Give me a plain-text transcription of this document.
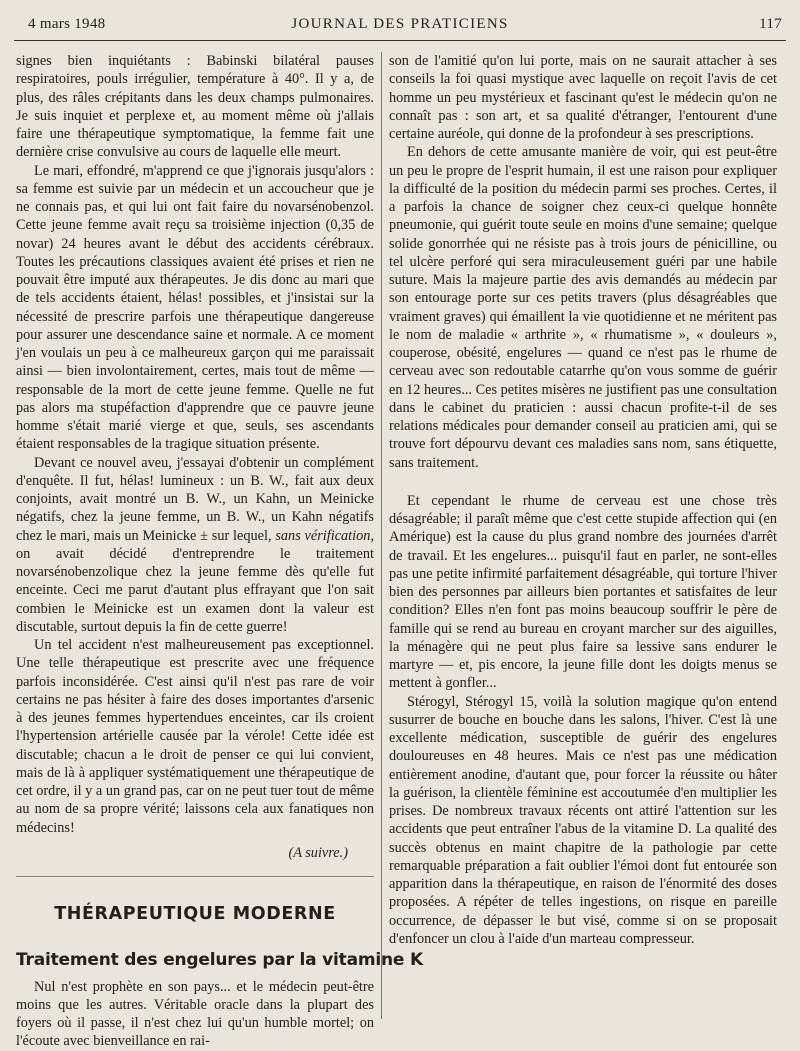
4 mars 1948	JOURNAL DES PRATICIENS	117

signes bien inquiétants : Babinski bilatéral pauses respiratoires, pouls irrégulier, température à 40°. Il y a, de plus, des râles crépitants dans les deux champs pulmonaires. Je suis inquiet et perplexe et, au moment même où j'allais faire une thérapeutique symptomatique, la femme fait une dernière crise convulsive au cours de laquelle elle meurt.

Le mari, effondré, m'apprend ce que j'ignorais jusqu'alors : sa femme est suivie par un médecin et un accoucheur que je ne connais pas, et qui lui ont fait faire du novarsénobenzol. Cette jeune femme avait reçu sa troisième injection (0,35 de novar) 24 heures avant le début des accidents cérébraux. Toutes les précautions classiques avaient été prises et rien ne pouvait être imputé aux thérapeutes. Je dis donc au mari que de tels accidents étaient, hélas! possibles, et j'insistai sur la nécessité de prescrire parfois une thérapeutique dangereuse pour assurer une descendance saine et normale. A ce moment j'en voulais un peu à ce malheureux garçon qui me paraissait ainsi — bien involontairement, certes, mais tout de même — responsable de la mort de cette jeune femme. Quelle ne fut pas alors ma stupéfaction d'apprendre que ce pauvre jeune homme s'était marié vierge et que, seuls, ses ascendants étaient responsables de la tragique situation présente.

Devant ce nouvel aveu, j'essayai d'obtenir un complément d'enquête. Il fut, hélas! lumineux : un B. W., fait aux deux conjoints, avait montré un B. W., un Kahn, un Meinicke négatifs, chez la jeune femme, un B. W., un Kahn négatifs chez le mari, mais un Meinicke ± sur lequel, sans vérification, on avait décidé d'entreprendre le traitement novarsénobenzolique chez la jeune femme dès qu'elle fut enceinte. Ceci me parut d'autant plus effrayant que l'on sait combien le Meinicke est un examen dont la valeur est discutable, surtout depuis la fin de cette guerre!

Un tel accident n'est malheureusement pas exceptionnel. Une telle thérapeutique est prescrite avec une fréquence parfois inconsidérée. C'est ainsi qu'il n'est pas rare de voir certains ne pas hésiter à faire des doses importantes d'arsenic à des jeunes femmes hypertendues enceintes, car ils croient l'hypertension artérielle causée par la vérole! Cette idée est discutable; chacun a le droit de penser ce qui lui convient, mais de là à appliquer systématiquement une thérapeutique de cet ordre, il y a un grand pas, car on ne peut tuer tout de même au nom de sa propre vérité; laissons cela aux fanatiques non médecins!

(A suivre.)
THÉRAPEUTIQUE MODERNE
Traitement des engelures par la vitamine K

Nul n'est prophète en son pays... et le médecin peut-être moins que les autres. Véritable oracle dans la plupart des foyers où il passe, il n'est chez lui qu'un humble mortel; on l'écoute avec bienveillance en rai-

son de l'amitié qu'on lui porte, mais on ne saurait attacher à ses conseils la foi quasi mystique avec laquelle on reçoit l'avis de cet homme un peu mystérieux et fascinant qu'est le médecin qu'on ne connaît pas : son art, et sa qualité d'étranger, l'entourent d'une certaine auréole, qui donne de la profondeur à ses prescriptions.

En dehors de cette amusante manière de voir, qui est peut-être un peu le propre de l'esprit humain, il est une raison pour expliquer la difficulté de la position du médecin parmi ses proches. Certes, il a parfois la chance de soigner chez ceux-ci quelque honnête pneumonie, qui guérit toute seule en moins d'une semaine; quelque solide gonorrhée qui ne résiste pas à trois jours de pénicilline, ou tel ulcère perforé qui sera miraculeusement guéri par une habile suture. Mais la majeure partie des avis demandés au médecin par son entourage porte sur ces petits travers (plus désagréables que vraiment graves) qui émaillent la vie quotidienne et ne méritent pas le nom de maladie « arthrite », « rhumatisme », « douleurs », couperose, obésité, engelures — quand ce n'est pas le rhume de cerveau avec son redoutable catarrhe qu'on vous somme de guérir en 12 heures... Ces petites misères ne justifient pas une consultation dans le cabinet du praticien : aussi chacun profite-t-il de ses relations médicales pour demander conseil au praticien ami, qui se trouve fort dépourvu devant ces maladies sans nom, sans étiquette, sans traitement.

Et cependant le rhume de cerveau est une chose très désagréable; il paraît même que c'est cette stupide affection qui (en Amérique) est la cause du plus grand nombre des journées d'arrêt de travail. Et les engelures... puisqu'il faut en parler, ne sont-elles pas une petite infirmité parfaitement désagréable, qui torture l'hiver bien des personnes par ailleurs bien portantes et satisfaites de leur condition? Elles n'en font pas moins beaucoup souffrir le père de famille qui se rend au bureau en croyant marcher sur des aiguilles, la ménagère qui ne peut plus faire sa lessive sans endurer le martyre — et, pis encore, la jeune fille dont les doigts menus se mettent à gonfler...

Stérogyl, Stérogyl 15, voilà la solution magique qu'on entend susurrer de bouche en bouche dans les salons, l'hiver. C'est là une excellente médication, susceptible de guérir des engelures douloureuses en 48 heures. Mais ce n'est pas une médication entièrement anodine, d'autant que, pour forcer la réussite ou hâter la guérison, la clientèle féminine est accoutumée d'en multiplier les prises. De nombreux travaux récents ont attiré l'attention sur les accidents que peut entraîner l'abus de la vitamine D. La qualité des succès obtenus en maint chapitre de la pathologie par cette remarquable préparation a fait oublier l'émoi dont fut entourée son apparition dans la thérapeutique, en raison de l'énormité des doses proposées. A répéter de telles ingestions, on risque en pareille occurrence, de dépasser le but visé, comme si on se proposait d'enfoncer un clou à l'aide d'un marteau compresseur.
